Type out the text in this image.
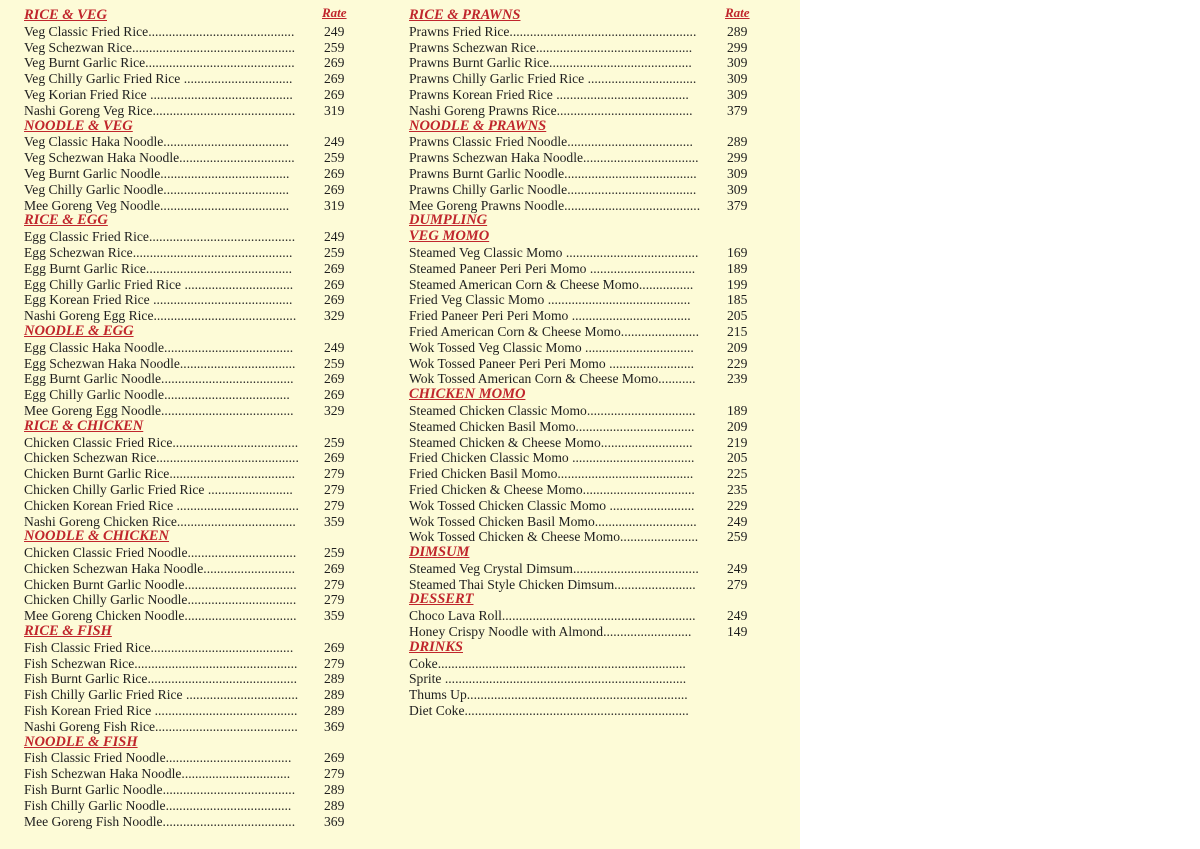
Rate
RICE & VEG
Veg Classic Fried Rice...........................................	249
Veg Schezwan Rice................................................	259
Veg Burnt Garlic Rice............................................	269
Veg Chilly Garlic Fried Rice ................................	269
Veg Korian Fried Rice ..........................................	269
Nashi Goreng Veg Rice..........................................	319
NOODLE & VEG
Veg Classic Haka Noodle.....................................	249
Veg Schezwan Haka Noodle..................................	259
Veg Burnt Garlic Noodle......................................	269
Veg Chilly Garlic Noodle.....................................	269
Mee Goreng Veg Noodle......................................	319
RICE & EGG
Egg Classic Fried Rice...........................................	249
Egg Schezwan Rice...............................................	259
Egg Burnt Garlic Rice...........................................	269
Egg Chilly Garlic Fried Rice ................................	269
Egg Korean Fried Rice .........................................	269
Nashi Goreng Egg Rice..........................................	329
NOODLE & EGG
Egg Classic Haka Noodle......................................	249
Egg Schezwan Haka Noodle..................................	259
Egg Burnt Garlic Noodle.......................................	269
Egg Chilly Garlic Noodle.....................................	269
Mee Goreng Egg Noodle.......................................	329
RICE & CHICKEN
Chicken Classic Fried Rice.....................................	259
Chicken Schezwan Rice..........................................	269
Chicken Burnt Garlic Rice.....................................	279
Chicken Chilly Garlic Fried Rice .........................	279
Chicken Korean Fried Rice ....................................	279
Nashi Goreng Chicken Rice...................................	359
NOODLE & CHICKEN
Chicken Classic Fried Noodle................................	259
Chicken Schezwan Haka Noodle...........................	269
Chicken Burnt Garlic Noodle.................................	279
Chicken Chilly Garlic Noodle................................	279
Mee Goreng Chicken Noodle.................................	359
RICE & FISH
Fish Classic Fried Rice..........................................	269
Fish Schezwan Rice................................................	279
Fish Burnt Garlic Rice............................................	289
Fish Chilly Garlic Fried Rice .................................	289
Fish Korean Fried Rice ..........................................	289
Nashi Goreng Fish Rice..........................................	369
NOODLE & FISH
Fish Classic Fried Noodle.....................................	269
Fish Schezwan Haka Noodle................................	279
Fish Burnt Garlic Noodle.......................................	289
Fish Chilly Garlic Noodle.....................................	289
Mee Goreng Fish Noodle.......................................	369
Rate
RICE & PRAWNS
Prawns Fried Rice.......................................................	289
Prawns Schezwan Rice..............................................	299
Prawns Burnt Garlic Rice..........................................	309
Prawns Chilly Garlic Fried Rice ................................	309
Prawns Korean Fried Rice .......................................	309
Nashi Goreng Prawns Rice........................................	379
NOODLE & PRAWNS
Prawns Classic Fried Noodle.....................................	289
Prawns Schezwan Haka Noodle..................................	299
Prawns Burnt Garlic Noodle.......................................	309
Prawns Chilly Garlic Noodle......................................	309
Mee Goreng Prawns Noodle........................................	379
DUMPLING
VEG MOMO
Steamed Veg Classic Momo .......................................	169
Steamed Paneer Peri Peri Momo ...............................	189
Steamed American Corn & Cheese Momo................	199
Fried Veg Classic Momo ..........................................	185
Fried Paneer Peri Peri Momo ...................................	205
Fried American Corn & Cheese Momo.......................	215
Wok Tossed Veg Classic Momo ................................	209
Wok Tossed Paneer Peri Peri Momo .........................	229
Wok Tossed American Corn & Cheese Momo...........	239
CHICKEN MOMO
Steamed Chicken Classic Momo................................	189
Steamed Chicken Basil Momo...................................	209
Steamed Chicken & Cheese Momo...........................	219
Fried Chicken Classic Momo ....................................	205
Fried Chicken Basil Momo........................................	225
Fried Chicken & Cheese Momo.................................	235
Wok Tossed Chicken Classic Momo .........................	229
Wok Tossed Chicken Basil Momo..............................	249
Wok Tossed Chicken & Cheese Momo.......................	259
DIMSUM
Steamed Veg Crystal Dimsum.....................................	249
Steamed Thai Style Chicken Dimsum........................	279
DESSERT
Choco Lava Roll.........................................................	249
Honey Crispy Noodle with Almond..........................	149
DRINKS
Coke.........................................................................
Sprite .......................................................................
Thums Up.................................................................
Diet Coke..................................................................
